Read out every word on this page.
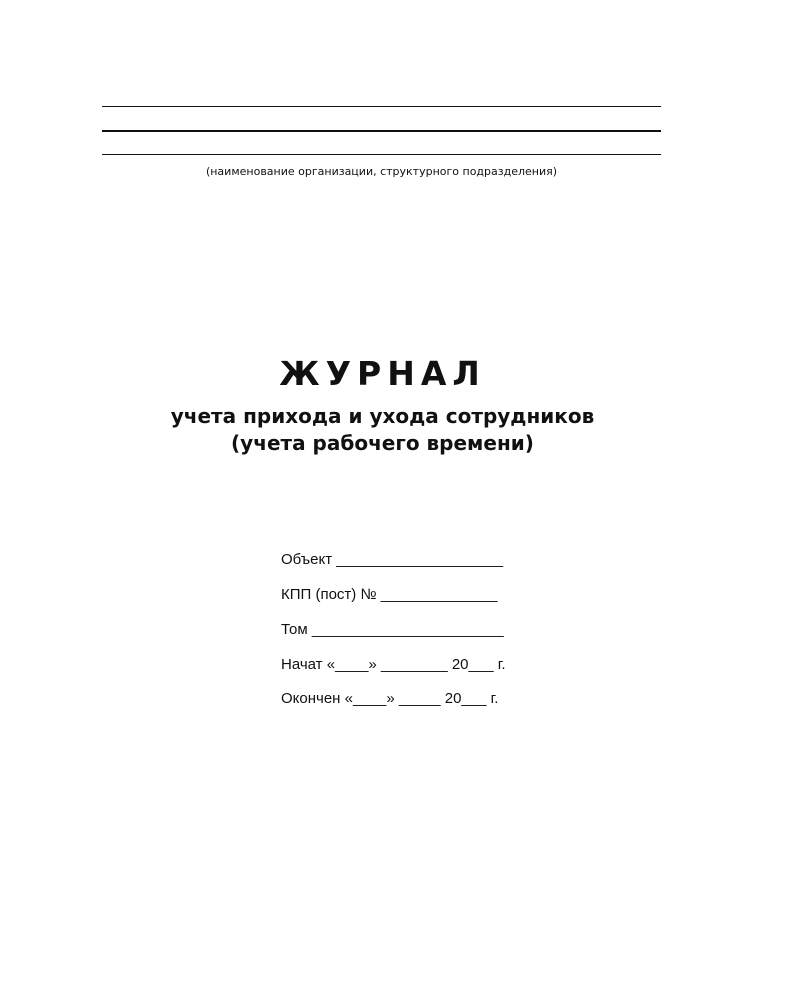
(наименование организации, структурного подразделения)
ЖУРНАЛ
учета прихода и ухода сотрудников
(учета рабочего времени)
Объект ____________________
КПП (пост) № ______________
Том _______________________
Начат «____» ________ 20___ г.
Окончен «____» _____ 20___ г.
